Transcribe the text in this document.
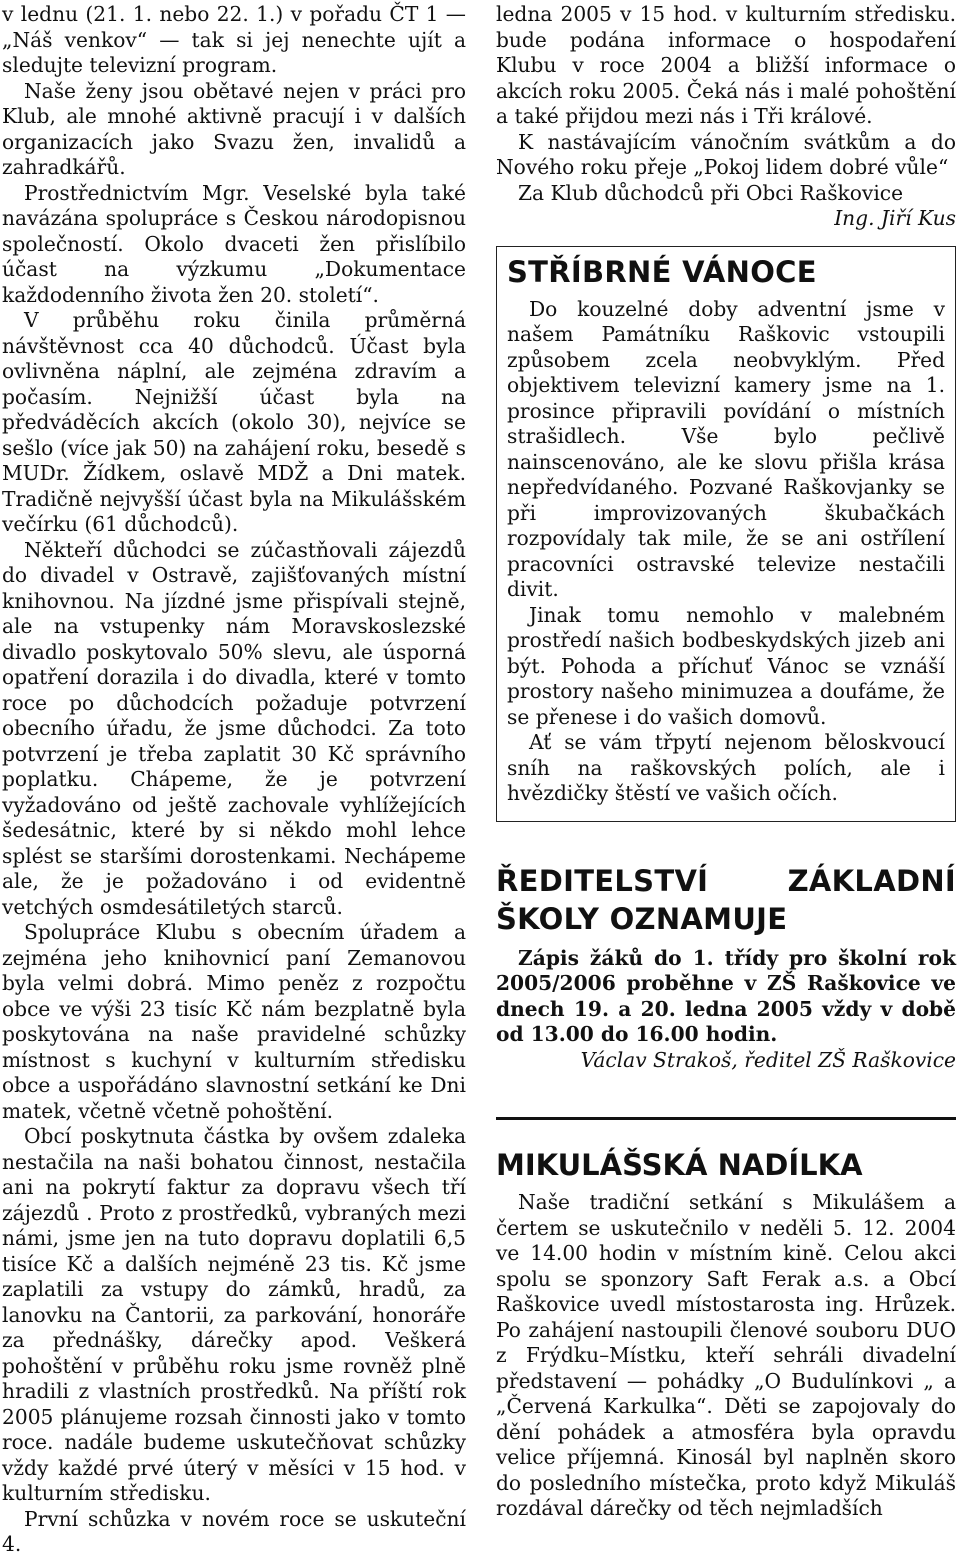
v lednu (21. 1. nebo 22. 1.) v pořadu ČT 1 — „Náš venkov“ — tak si jej nenechte ujít a sledujte televizní program.

Naše ženy jsou obětavé nejen v práci pro Klub, ale mnohé aktivně pracují i v dalších organizacích jako Svazu žen, invalidů a zahradkářů.

Prostřednictvím Mgr. Veselské byla také navázána spolupráce s Českou národopisnou společností. Okolo dvaceti žen přislíbilo účast na výzkumu „Dokumentace každodenního života žen 20. století“.

V průběhu roku činila průměrná návštěvnost cca 40 důchodců. Účast byla ovlivněna náplní, ale zejména zdravím a počasím. Nejnižší účast byla na předváděcích akcích (okolo 30), nejvíce se sešlo (více jak 50) na zahájení roku, besedě s MUDr. Žídkem, oslavě MDŽ a Dni matek. Tradičně nejvyšší účast byla na Mikulášském večírku (61 důchodců).

Někteří důchodci se zúčastňovali zájezdů do divadel v Ostravě, zajišťovaných místní knihovnou. Na jízdné jsme přispívali stejně, ale na vstupenky nám Moravskoslezské divadlo poskytovalo 50% slevu, ale úsporná opatření dorazila i do divadla, které v tomto roce po důchodcích požaduje potvrzení obecního úřadu, že jsme důchodci. Za toto potvrzení je třeba zaplatit 30 Kč správního poplatku. Chápeme, že je potvrzení vyžadováno od ještě zachovale vyhlížejících šedesátnic, které by si někdo mohl lehce splést se staršími dorostenkami. Nechápeme ale, že je požadováno i od evidentně vetchých osmdesátiletých starců.

Spolupráce Klubu s obecním úřadem a zejména jeho knihovnicí paní Zemanovou byla velmi dobrá. Mimo peněz z rozpočtu obce ve výši 23 tisíc Kč nám bezplatně byla poskytována na naše pravidelné schůzky místnost s kuchyní v kulturním středisku obce a uspořádáno slavnostní setkání ke Dni matek, včetně včetně pohoštění.

Obcí poskytnuta částka by ovšem zdaleka nestačila na naši bohatou činnost, nestačila ani na pokrytí faktur za dopravu všech tří zájezdů . Proto z prostředků, vybraných mezi námi, jsme jen na tuto dopravu doplatili 6,5 tisíce Kč a dalších nejméně 23 tis. Kč jsme zaplatili za vstupy do zámků, hradů, za lanovku na Čantorii, za parkování, honoráře za přednášky, dárečky apod. Veškerá pohoštění v průběhu roku jsme rovněž plně hradili z vlastních prostředků. Na příští rok 2005 plánujeme rozsah činnosti jako v tomto roce. nadále budeme uskutečňovat schůzky vždy každé prvé úterý v měsíci v 15 hod. v kulturním středisku.

První schůzka v novém roce se uskuteční 4.

ledna 2005 v 15 hod. v kulturním středisku. bude podána informace o hospodaření Klubu v roce 2004 a bližší informace o akcích roku 2005. Čeká nás i malé pohoštění a také přijdou mezi nás i Tři králové.

K nastávajícím vánočním svátkům a do Nového roku přeje „Pokoj lidem dobré vůle“

Za Klub důchodců při Obci Raškovice

Ing. Jiří Kus

STŘÍBRNÉ VÁNOCE

Do kouzelné doby adventní jsme v našem Památníku Raškovic vstoupili způsobem zcela neobvyklým. Před objektivem televizní kamery jsme na 1. prosince připravili povídání o místních strašidlech. Vše bylo pečlivě nainscenováno, ale ke slovu přišla krása nepředvídaného. Pozvané Raškovjanky se při improvizovaných škubačkách rozpovídaly tak mile, že se ani ostřílení pracovníci ostravské televize nestačili divit.

Jinak tomu nemohlo v malebném prostředí našich bodbeskydských jizeb ani být. Pohoda a příchuť Vánoc se vznáší prostory našeho minimuzea a doufáme, že se přenese i do vašich domovů.

Ať se vám třpytí nejenom běloskvoucí sníh na raškovských polích, ale i hvězdičky štěstí ve vašich očích.

ŘEDITELSTVÍ ZÁKLADNÍ ŠKOLY OZNAMUJE

Zápis žáků do 1. třídy pro školní rok 2005/2006 proběhne v ZŠ Raškovice ve dnech 19. a 20. ledna 2005 vždy v době od 13.00 do 16.00 hodin.

Václav Strakoš, ředitel ZŠ Raškovice

MIKULÁŠSKÁ NADÍLKA

Naše tradiční setkání s Mikulášem a čertem se uskutečnilo v neděli 5. 12. 2004 ve 14.00 hodin v místním kině. Celou akci spolu se sponzory Saft Ferak a.s. a Obcí Raškovice uvedl místostarosta ing. Hrůzek. Po zahájení nastoupili členové souboru DUO z Frýdku–Místku, kteří sehráli divadelní představení — pohádky „O Budulínkovi „ a „Červená Karkulka“. Děti se zapojovaly do dění pohádek a atmosféra byla opravdu velice příjemná. Kinosál byl naplněn skoro do posledního místečka, proto když Mikuláš rozdával dárečky od těch nejmladších
